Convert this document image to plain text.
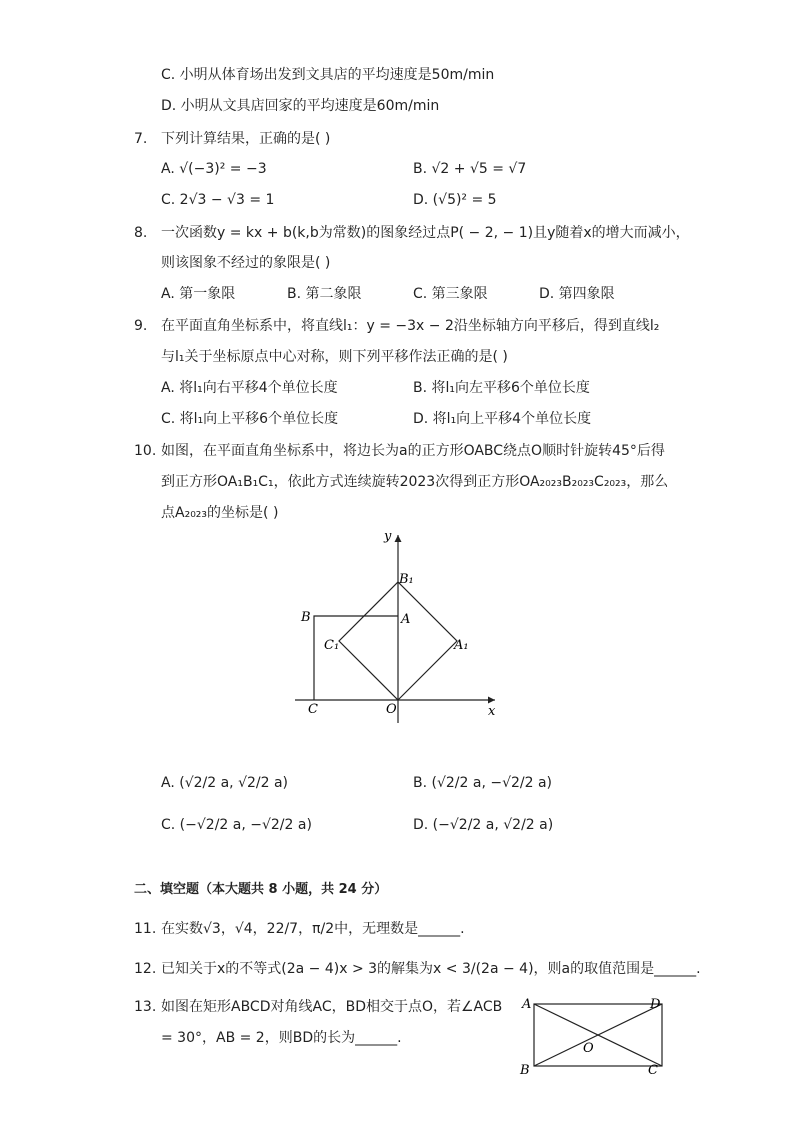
C. 小明从体育场出发到文具店的平均速度是50m/min
D. 小明从文具店回家的平均速度是60m/min
7. 下列计算结果，正确的是( )
A. √(−3)² = −3	B. √2 + √5 = √7
C. 2√3 − √3 = 1	D. (√5)² = 5
8. 一次函数y = kx + b(k,b为常数)的图象经过点P( − 2, − 1)且y随着x的增大而减小，
则该图象不经过的象限是( )
A. 第一象限	B. 第二象限	C. 第三象限	D. 第四象限
9. 在平面直角坐标系中，将直线l₁：y = −3x − 2沿坐标轴方向平移后，得到直线l₂
与l₁关于坐标原点中心对称，则下列平移作法正确的是( )
A. 将l₁向右平移4个单位长度	B. 将l₁向左平移6个单位长度
C. 将l₁向上平移6个单位长度	D. 将l₁向上平移4个单位长度
10. 如图，在平面直角坐标系中，将边长为a的正方形OABC绕点O顺时针旋转45°后得
到正方形OA₁B₁C₁，依此方式连续旋转2023次得到正方形OA₂₀₂₃B₂₀₂₃C₂₀₂₃，那么
点A₂₀₂₃的坐标是( )
y
x
B₁
B	A
C₁	A₁
C	O
A. (√2/2 a, √2/2 a)	B. (√2/2 a, −√2/2 a)
C. (−√2/2 a, −√2/2 a)	D. (−√2/2 a, √2/2 a)
二、填空题（本大题共 8 小题，共 24 分）
11. 在实数√3，√4，22/7，π/2中，无理数是______.
12. 已知关于x的不等式(2a − 4)x > 3的解集为x < 3/(2a − 4)，则a的取值范围是______.
13. 如图在矩形ABCD对角线AC，BD相交于点O，若∠ACB
= 30°，AB = 2，则BD的长为______.
A	D
O
B	C
